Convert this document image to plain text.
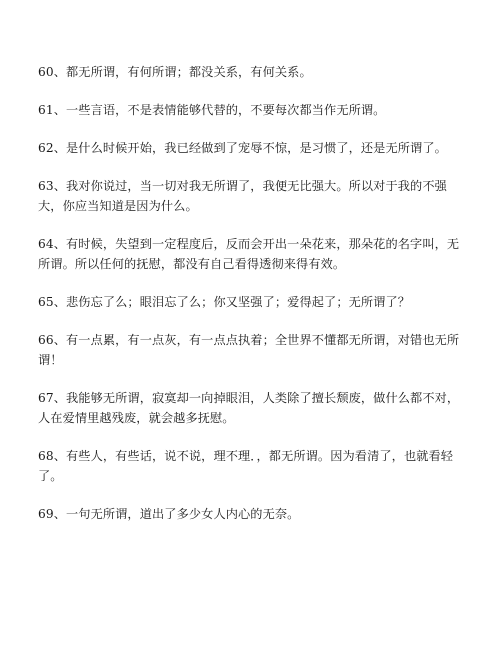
60、都无所谓，有何所谓；都没关系，有何关系。

61、一些言语，不是表情能够代替的，不要每次都当作无所谓。

62、是什么时候开始，我已经做到了宠辱不惊，是习惯了，还是无所谓了。

63、我对你说过，当一切对我无所谓了，我便无比强大。所以对于我的不强大，你应当知道是因为什么。

64、有时候，失望到一定程度后，反而会开出一朵花来，那朵花的名字叫，无所谓。所以任何的抚慰，都没有自己看得透彻来得有效。

65、悲伤忘了么；眼泪忘了么；你又坚强了；爱得起了；无所谓了？

66、有一点累，有一点灰，有一点点执着；全世界不懂都无所谓，对错也无所谓！

67、我能够无所谓，寂寞却一向掉眼泪，人类除了擅长颓废，做什么都不对，人在爱情里越残废，就会越多抚慰。

68、有些人，有些话，说不说，理不理．，都无所谓。因为看清了，也就看轻了。

69、一句无所谓，道出了多少女人内心的无奈。
